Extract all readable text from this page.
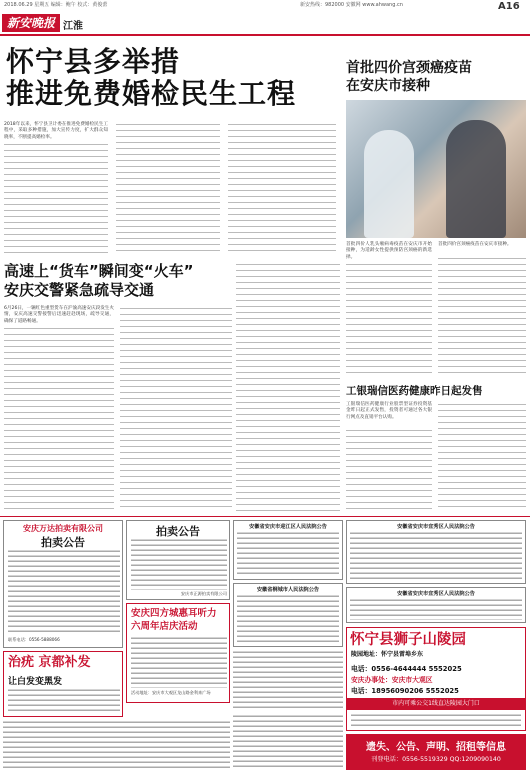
2018.06.29 星期五 编辑：鲍午 校式：黄俊蕾	新安热线：982000 安徽网 www.ahwang.cn	A16
新安晚报 江淮
怀宁县多举措
推进免费婚检民生工程
2018年以来，怀宁县卫计委在推进免费婚检民生工程中，采取多种措施，加大宣传力度，扩大群众知晓率，不断提高婚检率。
高速上“货车”瞬间变“火车”
安庆交警紧急疏导交通
6月26日，一辆红色重型货车在沪渝高速安庆段发生火情，安庆高速交警接警后迅速赶赴现场，疏导交通，确保了道路畅通。
首批四价宫颈癌疫苗
在安庆市接种
首批四价人乳头瘤病毒疫苗在安庆市开始接种，为适龄女性提供预防宫颈癌的新选择。
首批四价宫颈癌疫苗在安庆市接种。
工银瑞信医药健康昨日起发售
工银瑞信医药健康行业股票型证券投资基金昨日起正式发售，投资者可通过各大银行网点及直销平台认购。
安庆万达拍卖有限公司
拍卖公告
联系电话：0556-5888066
拍卖公告
安庆市正源拍卖有限公司
安徽省安庆市迎江区人民法院公告
安徽省桐城市人民法院公告
安徽省安庆市宜秀区人民法院公告
安徽省安庆市宜秀区人民法院公告
安庆四方城惠耳听力
六周年店庆活动
活动地址：安庆市大观区龙山路金利来广场
治疣 京都补发
让白发变黑发
怀宁县狮子山陵园
陵园地址：怀宁县雷埠乡东
电话：0556-4644444 5552025
安庆办事处：安庆市大观区
电话：18956090206 5552025
市内可乘公交1线直达陵园大门口
遗失、公告、声明、招租等信息
刊登电话：0556-5519329 QQ:1209090140
